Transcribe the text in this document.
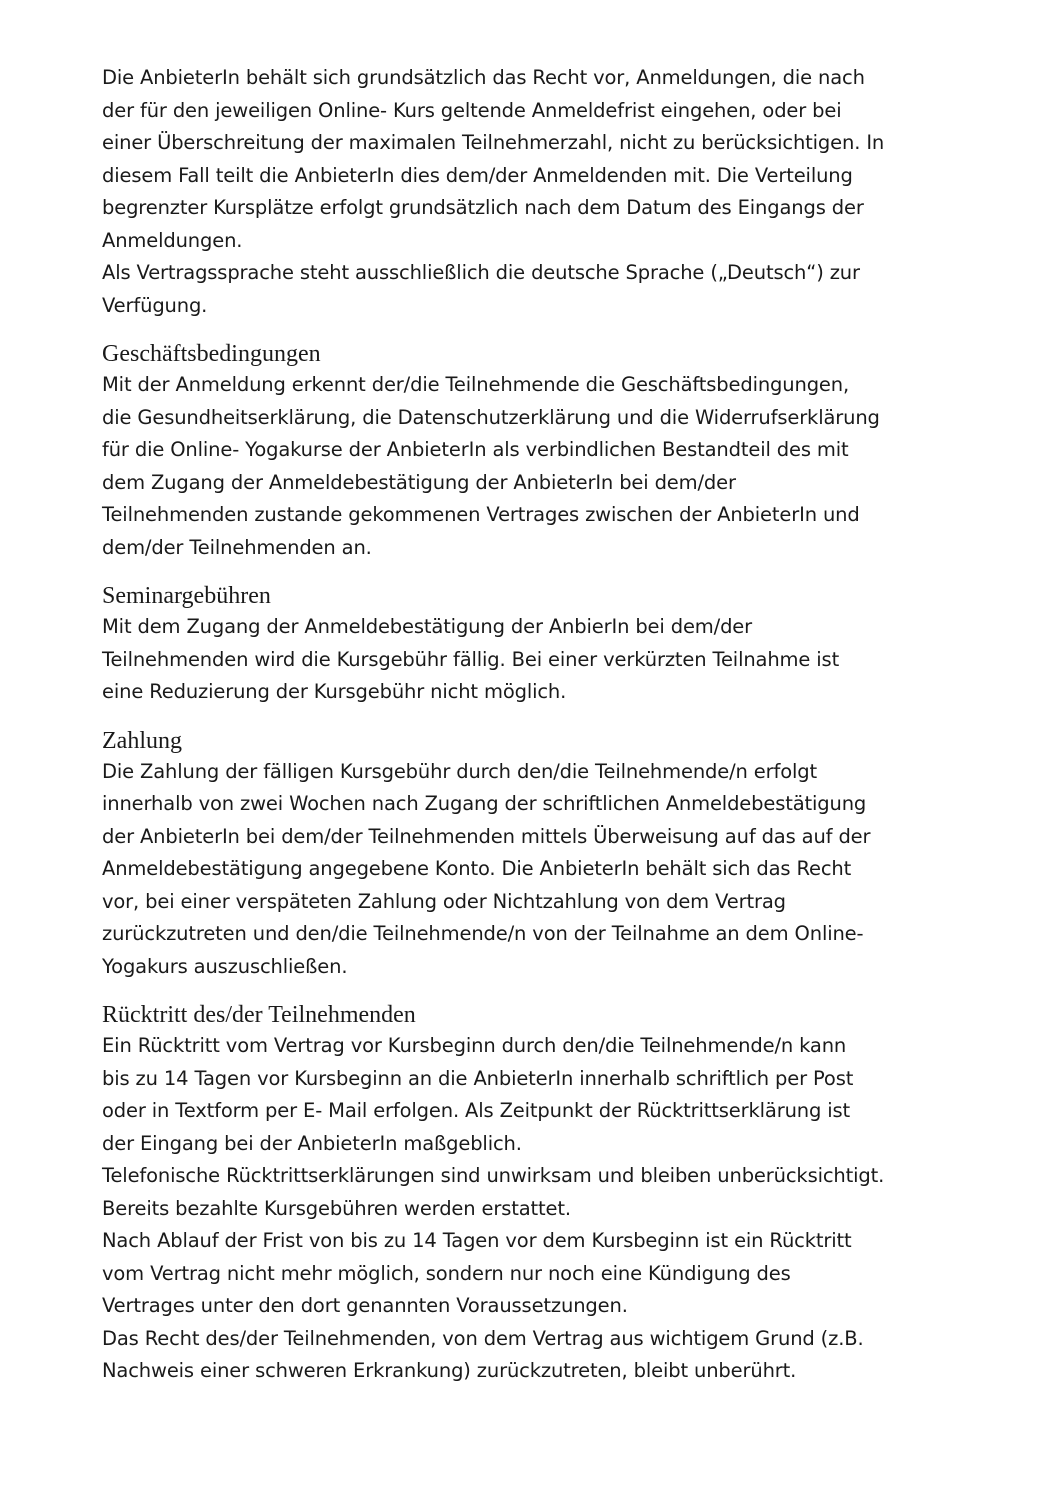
Die AnbieterIn behält sich grundsätzlich das Recht vor, Anmeldungen, die nach
der für den jeweiligen Online- Kurs geltende Anmeldefrist eingehen, oder bei
einer Überschreitung der maximalen Teilnehmerzahl, nicht zu berücksichtigen. In
diesem Fall teilt die AnbieterIn dies dem/der Anmeldenden mit. Die Verteilung
begrenzter Kursplätze erfolgt grundsätzlich nach dem Datum des Eingangs der
Anmeldungen.
Als Vertragssprache steht ausschließlich die deutsche Sprache („Deutsch“) zur
Verfügung.
Geschäftsbedingungen
Mit der Anmeldung erkennt der/die Teilnehmende die Geschäftsbedingungen,
die Gesundheitserklärung, die Datenschutzerklärung und die Widerrufserklärung
für die Online- Yogakurse der AnbieterIn als verbindlichen Bestandteil des mit
dem Zugang der Anmeldebestätigung der AnbieterIn bei dem/der
Teilnehmenden zustande gekommenen Vertrages zwischen der AnbieterIn und
dem/der Teilnehmenden an.
Seminargebühren
Mit dem Zugang der Anmeldebestätigung der AnbierIn bei dem/der
Teilnehmenden wird die Kursgebühr fällig. Bei einer verkürzten Teilnahme ist
eine Reduzierung der Kursgebühr nicht möglich.
Zahlung
Die Zahlung der fälligen Kursgebühr durch den/die Teilnehmende/n erfolgt
innerhalb von zwei Wochen nach Zugang der schriftlichen Anmeldebestätigung
der AnbieterIn bei dem/der Teilnehmenden mittels Überweisung auf das auf der
Anmeldebestätigung angegebene Konto. Die AnbieterIn behält sich das Recht
vor, bei einer verspäteten Zahlung oder Nichtzahlung von dem Vertrag
zurückzutreten und den/die Teilnehmende/n von der Teilnahme an dem Online-
Yogakurs auszuschließen.
Rücktritt des/der Teilnehmenden
Ein Rücktritt vom Vertrag vor Kursbeginn durch den/die Teilnehmende/n kann
bis zu 14 Tagen vor Kursbeginn an die AnbieterIn innerhalb schriftlich per Post
oder in Textform per E- Mail erfolgen. Als Zeitpunkt der Rücktrittserklärung ist
der Eingang bei der AnbieterIn maßgeblich.
Telefonische Rücktrittserklärungen sind unwirksam und bleiben unberücksichtigt.
Bereits bezahlte Kursgebühren werden erstattet.
Nach Ablauf der Frist von bis zu 14 Tagen vor dem Kursbeginn ist ein Rücktritt
vom Vertrag nicht mehr möglich, sondern nur noch eine Kündigung des
Vertrages unter den dort genannten Voraussetzungen.
Das Recht des/der Teilnehmenden, von dem Vertrag aus wichtigem Grund (z.B.
Nachweis einer schweren Erkrankung) zurückzutreten, bleibt unberührt.
